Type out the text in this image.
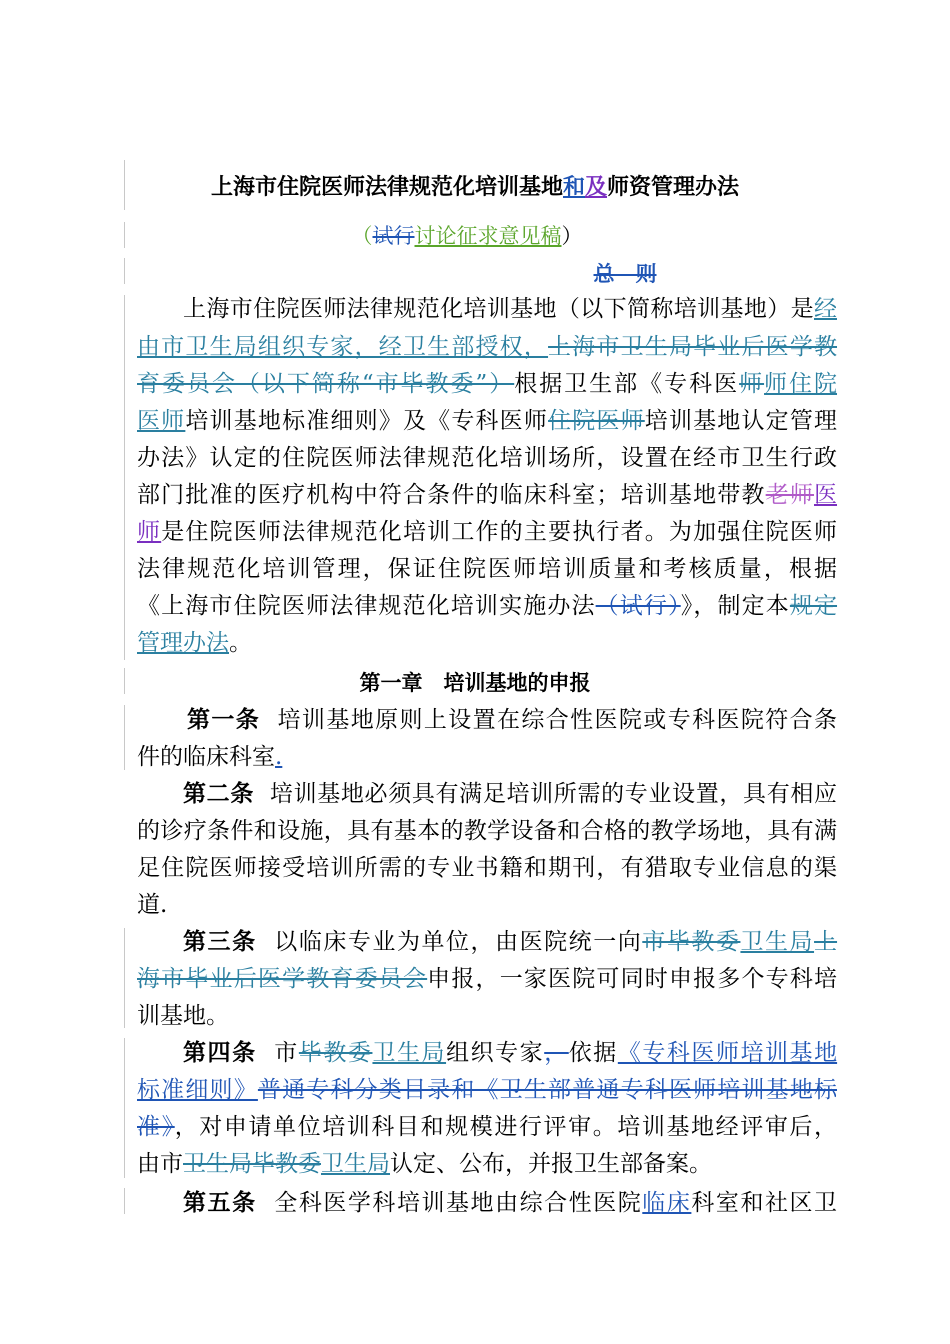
上海市住院医师法律规范化培训基地和及师资管理办法
（试行讨论征求意见稿）
总　则
上海市住院医师法律规范化培训基地（以下简称培训基地）是经
由市卫生局组织专家，经卫生部授权，上海市卫生局毕业后医学教
育委员会（以下简称“市毕教委”）根据卫生部《专科医师师住院
医师培训基地标准细则》及《专科医师住院医师培训基地认定管理
办法》认定的住院医师法律规范化培训场所，设置在经市卫生行政
部门批准的医疗机构中符合条件的临床科室；培训基地带教老师医
师是住院医师法律规范化培训工作的主要执行者。为加强住院医师
法律规范化培训管理，保证住院医师培训质量和考核质量，根据
《上海市住院医师法律规范化培训实施办法（试行）》，制定本规定
管理办法。
第一章　培训基地的申报
第一条 培训基地原则上设置在综合性医院或专科医院符合条
件的临床科室.
第二条 培训基地必须具有满足培训所需的专业设置，具有相应
的诊疗条件和设施，具有基本的教学设备和合格的教学场地，具有满
足住院医师接受培训所需的专业书籍和期刊，有猎取专业信息的渠
道.
第三条 以临床专业为单位，由医院统一向市毕教委卫生局上
海市毕业后医学教育委员会申报，一家医院可同时申报多个专科培
训基地。
第四条 市毕教委卫生局组织专家，依据《专科医师培训基地
标准细则》普通专科分类目录和《卫生部普通专科医师培训基地标
准》，对申请单位培训科目和规模进行评审。培训基地经评审后，
由市卫生局毕教委卫生局认定、公布，并报卫生部备案。
第五条 全科医学科培训基地由综合性医院临床科室和社区卫
